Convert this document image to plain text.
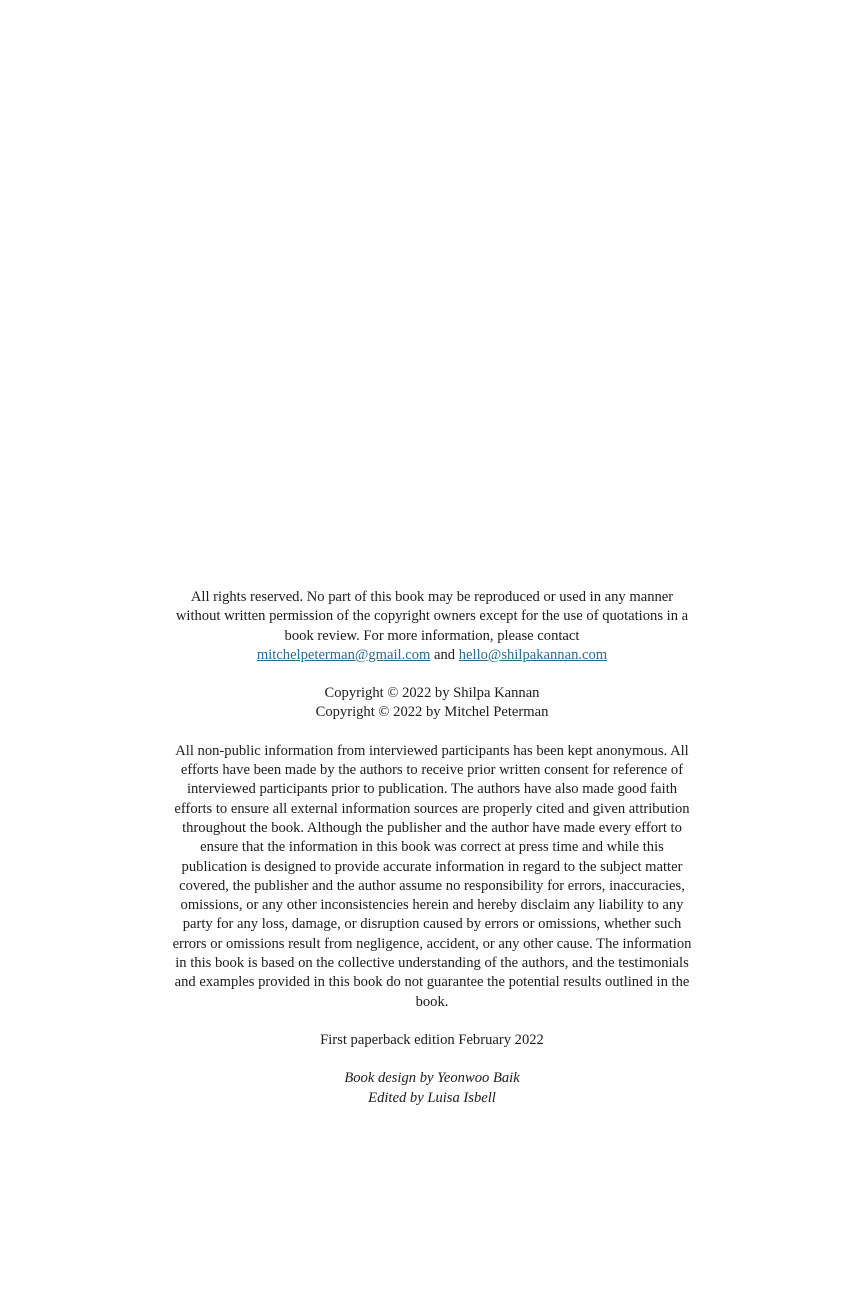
All rights reserved. No part of this book may be reproduced or used in any manner without written permission of the copyright owners except for the use of quotations in a book review. For more information, please contact
mitchelpeterman@gmail.com and hello@shilpakannan.com

Copyright © 2022 by Shilpa Kannan
Copyright © 2022 by Mitchel Peterman

All non-public information from interviewed participants has been kept anonymous. All efforts have been made by the authors to receive prior written consent for reference of interviewed participants prior to publication. The authors have also made good faith efforts to ensure all external information sources are properly cited and given attribution throughout the book. Although the publisher and the author have made every effort to ensure that the information in this book was correct at press time and while this publication is designed to provide accurate information in regard to the subject matter covered, the publisher and the author assume no responsibility for errors, inaccuracies, omissions, or any other inconsistencies herein and hereby disclaim any liability to any party for any loss, damage, or disruption caused by errors or omissions, whether such errors or omissions result from negligence, accident, or any other cause. The information in this book is based on the collective understanding of the authors, and the testimonials and examples provided in this book do not guarantee the potential results outlined in the book.

First paperback edition February 2022

Book design by Yeonwoo Baik
Edited by Luisa Isbell
